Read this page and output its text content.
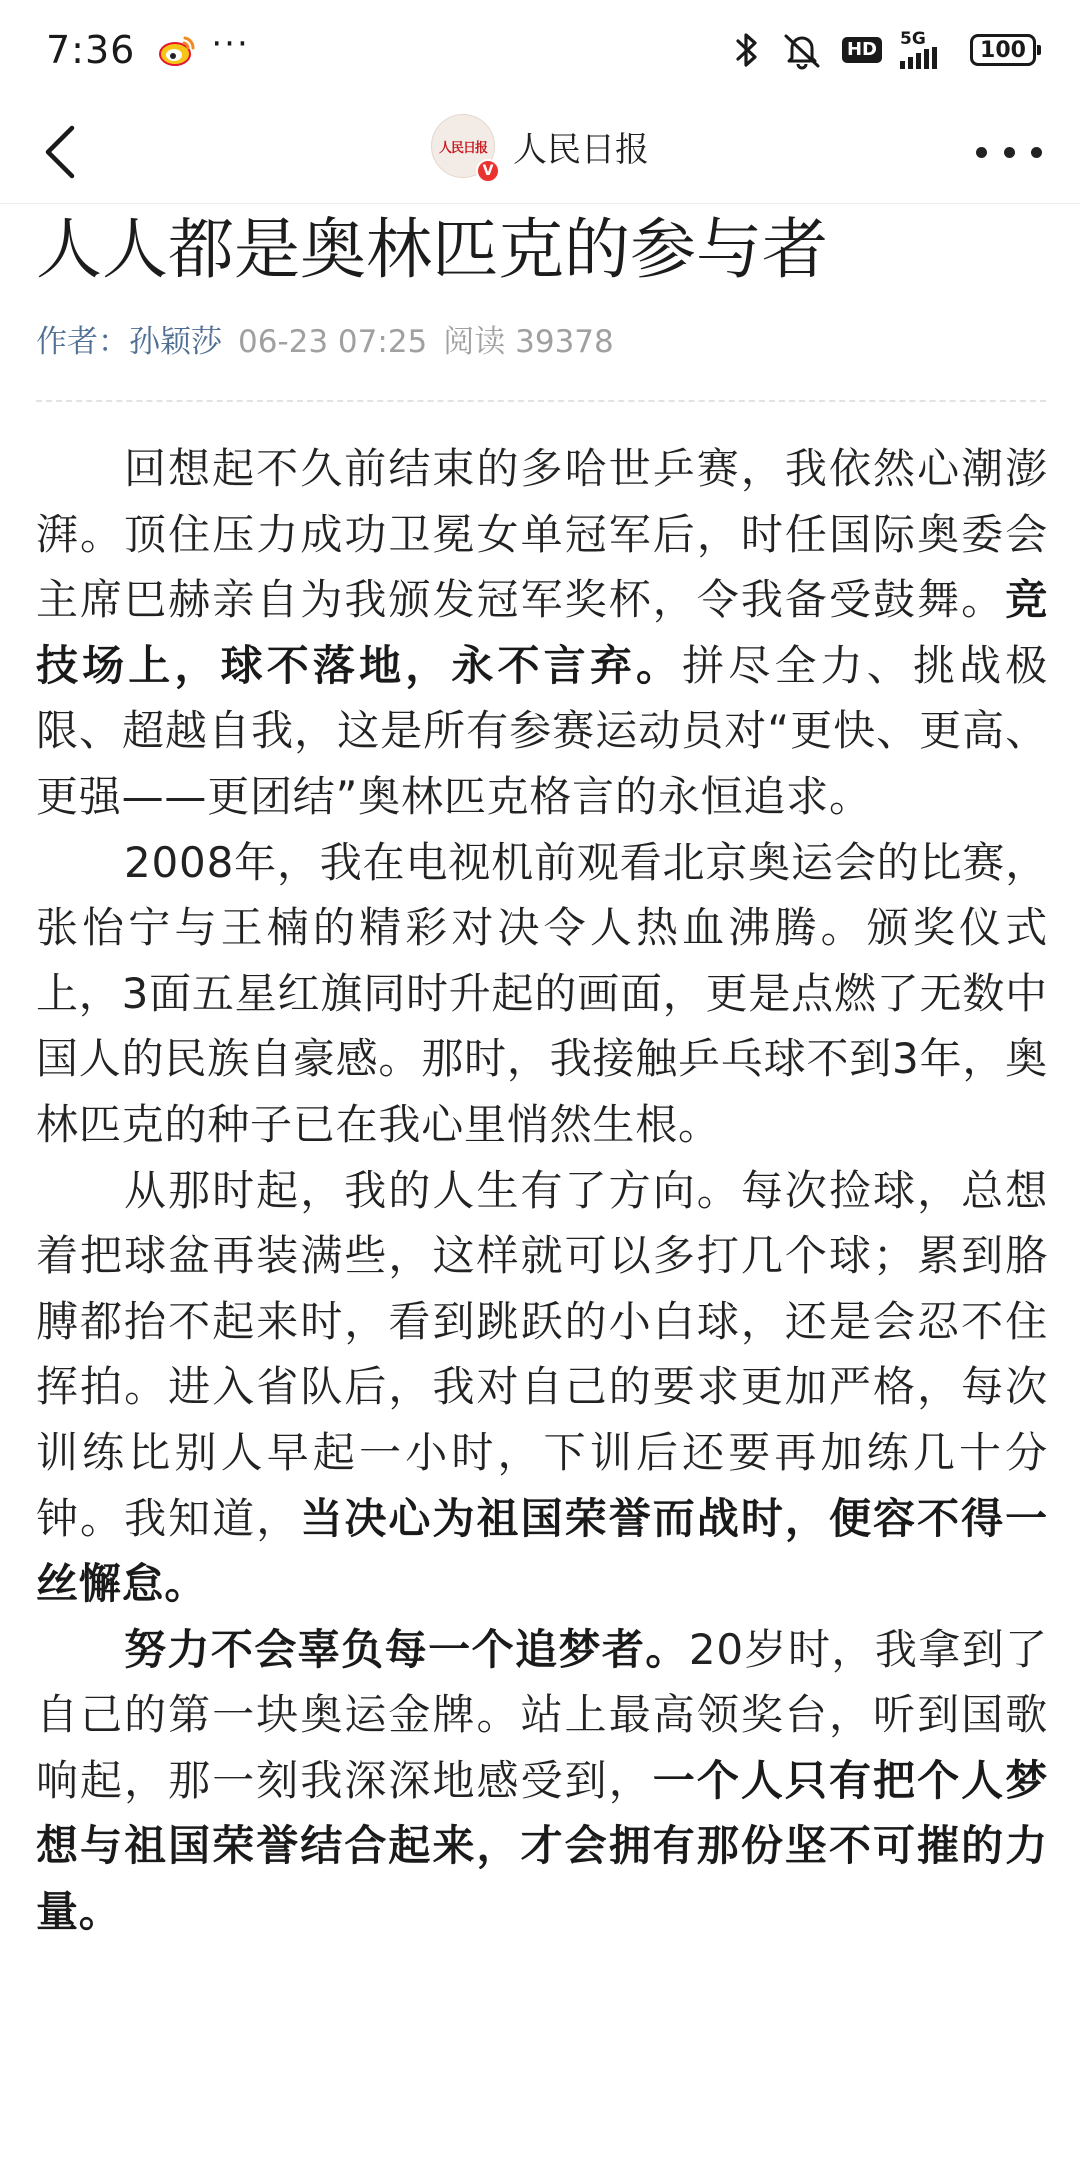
7:36 ···	HD 5G 100
人民日报
V
人民日报
人人都是奥林匹克的参与者
作者：孙颖莎 06-23 07:25 阅读 39378

回想起不久前结束的多哈世乒赛，我依然心潮澎湃。顶住压力成功卫冕女单冠军后，时任国际奥委会主席巴赫亲自为我颁发冠军奖杯，令我备受鼓舞。竞技场上，球不落地，永不言弃。拼尽全力、挑战极限、超越自我，这是所有参赛运动员对“更快、更高、更强——更团结”奥林匹克格言的永恒追求。

2008年，我在电视机前观看北京奥运会的比赛，张怡宁与王楠的精彩对决令人热血沸腾。颁奖仪式上，3面五星红旗同时升起的画面，更是点燃了无数中国人的民族自豪感。那时，我接触乒乓球不到3年，奥林匹克的种子已在我心里悄然生根。

从那时起，我的人生有了方向。每次捡球，总想着把球盆再装满些，这样就可以多打几个球；累到胳膊都抬不起来时，看到跳跃的小白球，还是会忍不住挥拍。进入省队后，我对自己的要求更加严格，每次训练比别人早起一小时，下训后还要再加练几十分钟。我知道，当决心为祖国荣誉而战时，便容不得一丝懈怠。

努力不会辜负每一个追梦者。20岁时，我拿到了自己的第一块奥运金牌。站上最高领奖台，听到国歌响起，那一刻我深深地感受到，一个人只有把个人梦想与祖国荣誉结合起来，才会拥有那份坚不可摧的力量。
